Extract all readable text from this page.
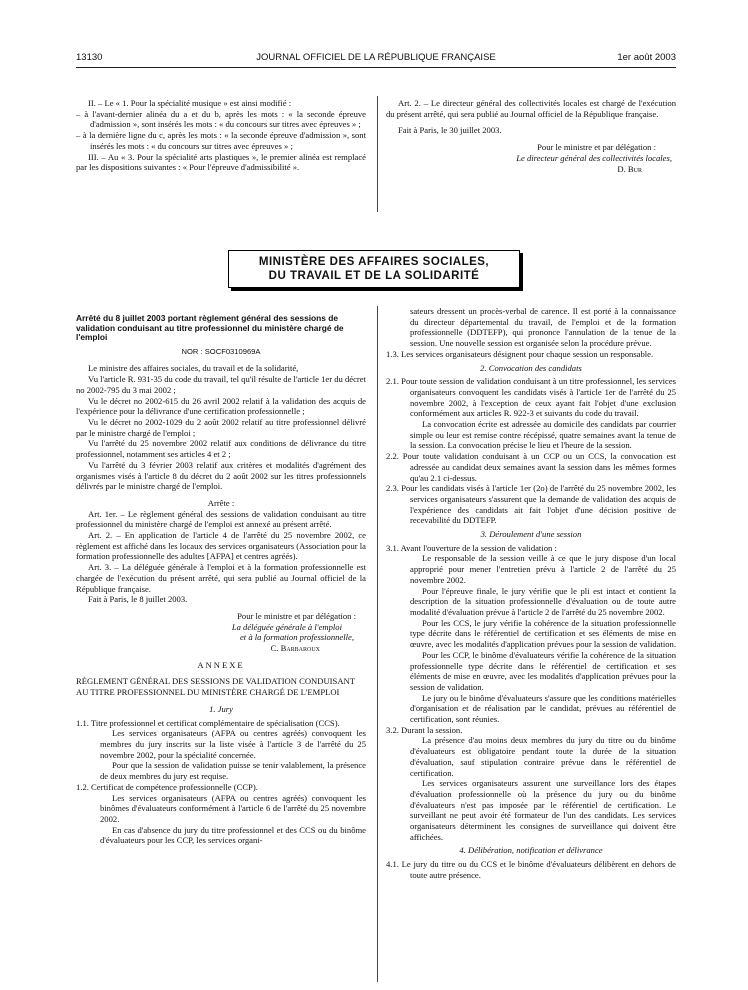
13130	JOURNAL OFFICIEL DE LA RÉPUBLIQUE FRANÇAISE	1er août 2003

II. – Le « 1. Pour la spécialité musique » est ainsi modifié :

– à l'avant-dernier alinéa du a et du b, après les mots : « la seconde épreuve d'admission », sont insérés les mots : « du concours sur titres avec épreuves » ;

– à la dernière ligne du c, après les mots : « la seconde épreuve d'admission », sont insérés les mots : « du concours sur titres avec épreuves » ;

III. – Au « 3. Pour la spécialité arts plastiques », le premier alinéa est remplacé par les dispositions suivantes : « Pour l'épreuve d'admissibilité ».

Art. 2. – Le directeur général des collectivités locales est chargé de l'exécution du présent arrêté, qui sera publié au Journal officiel de la République française.

Fait à Paris, le 30 juillet 2003.

Pour le ministre et par délégation :

Le directeur général des collectivités locales,

D. Bur

MINISTÈRE DES AFFAIRES SOCIALES,
DU TRAVAIL ET DE LA SOLIDARITÉ

Arrêté du 8 juillet 2003 portant règlement général des sessions de validation conduisant au titre professionnel du ministère chargé de l'emploi

NOR : SOCF0310969A

Le ministre des affaires sociales, du travail et de la solidarité,

Vu l'article R. 931-35 du code du travail, tel qu'il résulte de l'article 1er du décret no 2002-795 du 3 mai 2002 ;

Vu le décret no 2002-615 du 26 avril 2002 relatif à la validation des acquis de l'expérience pour la délivrance d'une certification professionnelle ;

Vu le décret no 2002-1029 du 2 août 2002 relatif au titre professionnel délivré par le ministre chargé de l'emploi ;

Vu l'arrêté du 25 novembre 2002 relatif aux conditions de délivrance du titre professionnel, notamment ses articles 4 et 2 ;

Vu l'arrêté du 3 février 2003 relatif aux critères et modalités d'agrément des organismes visés à l'article 8 du décret du 2 août 2002 sur les titres professionnels délivrés par le ministre chargé de l'emploi.

Arrête :

Art. 1er. – Le règlement général des sessions de validation conduisant au titre professionnel du ministère chargé de l'emploi est annexé au présent arrêté.

Art. 2. – En application de l'article 4 de l'arrêté du 25 novembre 2002, ce règlement est affiché dans les locaux des services organisateurs (Association pour la formation professionnelle des adultes [AFPA] et centres agréés).

Art. 3. – La déléguée générale à l'emploi et à la formation professionnelle est chargée de l'exécution du présent arrêté, qui sera publié au Journal officiel de la République française.

Fait à Paris, le 8 juillet 2003.

Pour le ministre et par délégation :

La déléguée générale à l'emploi

et à la formation professionnelle,

C. Barbaroux

ANNEXE

RÈGLEMENT GÉNÉRAL DES SESSIONS DE VALIDATION CONDUISANT AU TITRE PROFESSIONNEL DU MINISTÈRE CHARGÉ DE L'EMPLOI

1. Jury

1.1. Titre professionnel et certificat complémentaire de spécialisation (CCS).

Les services organisateurs (AFPA ou centres agréés) convoquent les membres du jury inscrits sur la liste visée à l'article 3 de l'arrêté du 25 novembre 2002, pour la spécialité concernée.

Pour que la session de validation puisse se tenir valablement, la présence de deux membres du jury est requise.

1.2. Certificat de compétence professionnelle (CCP).

Les services organisateurs (AFPA ou centres agréés) convoquent les binômes d'évaluateurs conformément à l'article 6 de l'arrêté du 25 novembre 2002.

En cas d'absence du jury du titre professionnel et des CCS ou du binôme d'évaluateurs pour les CCP, les services organi-

sateurs dressent un procès-verbal de carence. Il est porté à la connaissance du directeur départemental du travail, de l'emploi et de la formation professionnelle (DDTEFP), qui prononce l'annulation de la tenue de la session. Une nouvelle session est organisée selon la procédure prévue.

1.3. Les services organisateurs désignent pour chaque session un responsable.

2. Convocation des candidats

2.1. Pour toute session de validation conduisant à un titre professionnel, les services organisateurs convoquent les candidats visés à l'article 1er de l'arrêté du 25 novembre 2002, à l'exception de ceux ayant fait l'objet d'une exclusion conformément aux articles R. 922-3 et suivants du code du travail.

La convocation écrite est adressée au domicile des candidats par courrier simple ou leur est remise contre récépissé, quatre semaines avant la tenue de la session. La convocation précise le lieu et l'heure de la session.

2.2. Pour toute validation conduisant à un CCP ou un CCS, la convocation est adressée au candidat deux semaines avant la session dans les mêmes formes qu'au 2.1 ci-dessus.

2.3. Pour les candidats visés à l'article 1er (2o) de l'arrêté du 25 novembre 2002, les services organisateurs s'assurent que la demande de validation des acquis de l'expérience des candidats ait fait l'objet d'une décision positive de recevabilité du DDTEFP.

3. Déroulement d'une session

3.1. Avant l'ouverture de la session de validation :

Le responsable de la session veille à ce que le jury dispose d'un local approprié pour mener l'entretien prévu à l'article 2 de l'arrêté du 25 novembre 2002.

Pour l'épreuve finale, le jury vérifie que le pli est intact et contient la description de la situation professionnelle d'évaluation ou de toute autre modalité d'évaluation prévue à l'article 2 de l'arrêté du 25 novembre 2002.

Pour les CCS, le jury vérifie la cohérence de la situation professionnelle type décrite dans le référentiel de certification et ses éléments de mise en œuvre, avec les modalités d'application prévues pour la session de validation.

Pour les CCP, le binôme d'évaluateurs vérifie la cohérence de la situation professionnelle type décrite dans le référentiel de certification et ses éléments de mise en œuvre, avec les modalités d'application prévues pour la session de validation.

Le jury ou le binôme d'évaluateurs s'assure que les conditions matérielles d'organisation et de réalisation par le candidat, prévues au référentiel de certification, sont réunies.

3.2. Durant la session.

La présence d'au moins deux membres du jury du titre ou du binôme d'évaluateurs est obligatoire pendant toute la durée de la situation d'évaluation, sauf stipulation contraire prévue dans le référentiel de certification.

Les services organisateurs assurent une surveillance lors des étapes d'évaluation professionnelle où la présence du jury ou du binôme d'évaluateurs n'est pas imposée par le référentiel de certification. Le surveillant ne peut avoir été formateur de l'un des candidats. Les services organisateurs déterminent les consignes de surveillance qui doivent être affichées.

4. Délibération, notification et délivrance

4.1. Le jury du titre ou du CCS et le binôme d'évaluateurs délibèrent en dehors de toute autre présence.
